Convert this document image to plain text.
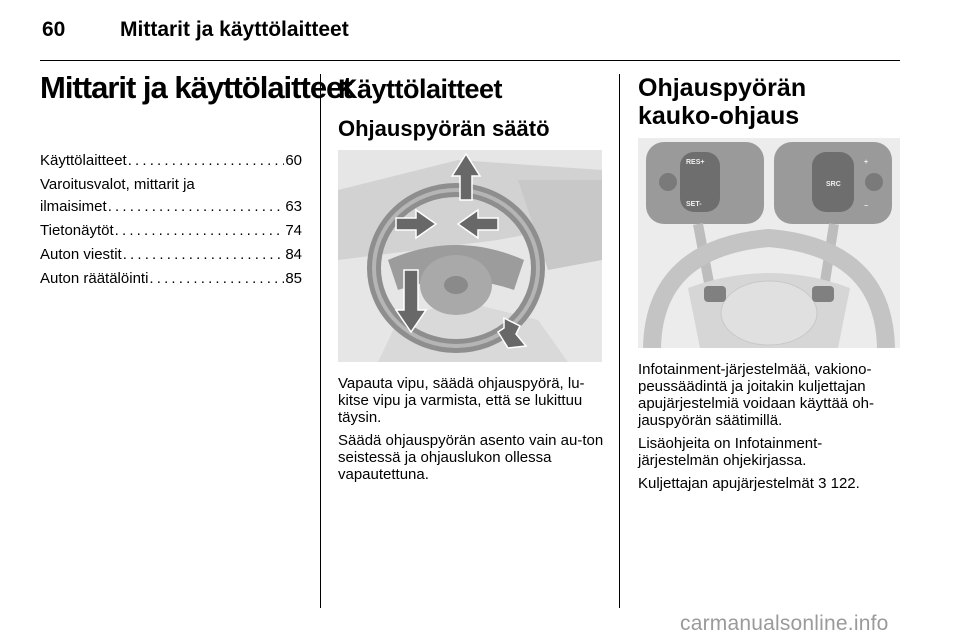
60	Mittarit ja käyttölaitteet
Mittarit ja käyttölaitteet
Käyttölaitteet . . .	60
Varoitusvalot, mittarit ja
ilmaisimet . . .	63
Tietonäytöt . . .	74
Auton viestit . . .	84
Auton räätälöinti . . .	85
Käyttölaitteet
Ohjauspyörän säätö

Vapauta vipu, säädä ohjauspyörä, lu-kitse vipu ja varmista, että se lukittuu täysin.

Säädä ohjauspyörän asento vain au-ton seistessä ja ohjauslukon ollessa vapautettuna.

Ohjauspyörän kauko-ohjaus
RES+
SET-
SRC
+
−

Infotainment-järjestelmää, vakiono-peussäädintä ja joitakin kuljettajan apujärjestelmiä voidaan käyttää oh-jauspyörän säätimillä.

Lisäohjeita on Infotainment-järjestelmän ohjekirjassa.

Kuljettajan apujärjestelmät 3 122.

carmanualsonline.info
